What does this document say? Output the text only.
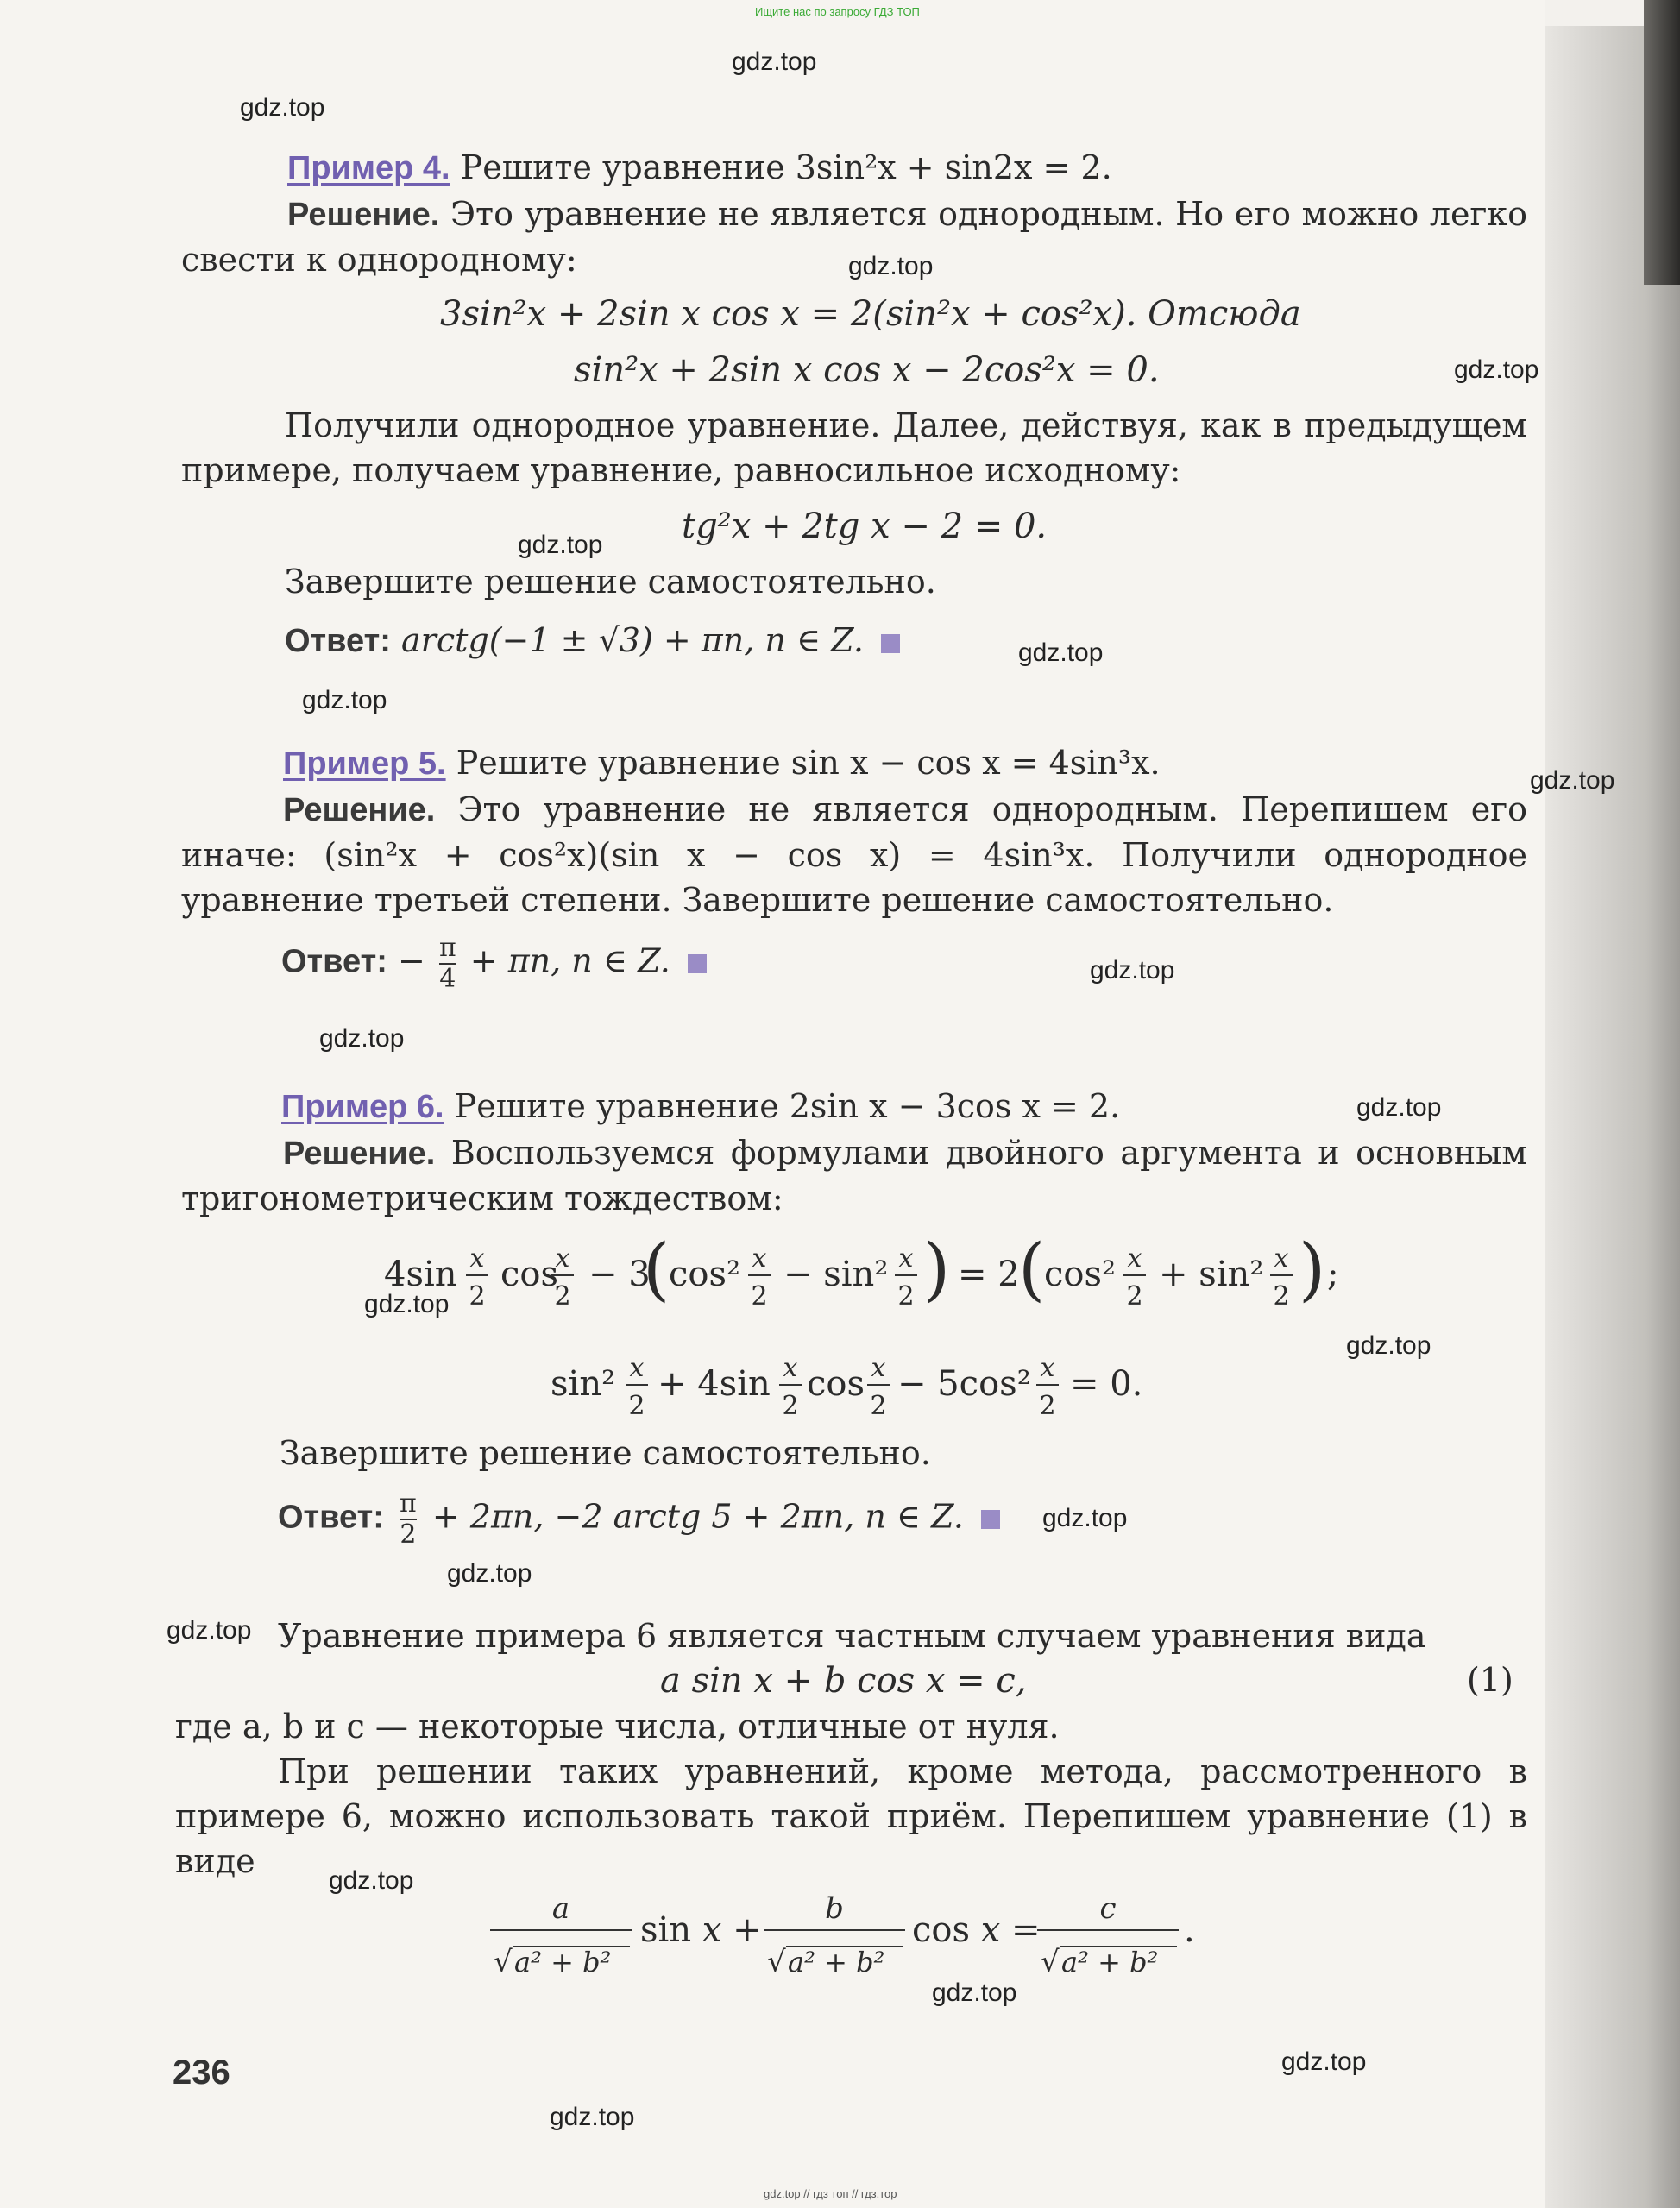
Ищите нас по запросу ГДЗ ТОП
gdz.top
gdz.top
gdz.top
gdz.top
gdz.top
gdz.top
gdz.top
gdz.top
gdz.top
gdz.top
gdz.top
gdz.top
gdz.top
gdz.top
gdz.top
gdz.top
gdz.top
gdz.top
gdz.top
gdz.top
Пример 4. Решите уравнение 3sin²x + sin2x = 2.
Решение. Это уравнение не является однородным. Но его можно легко свести к однородному:
3sin²x + 2sin x cos x = 2(sin²x + cos²x). Отсюда
sin²x + 2sin x cos x − 2cos²x = 0.
Получили однородное уравнение. Далее, действуя, как в предыдущем примере, получаем уравнение, равносильное исходному:
tg²x + 2tg x − 2 = 0.
Завершите решение самостоятельно.
Ответ: arctg(−1 ± √3) + πn, n ∈ Z.
Пример 5. Решите уравнение sin x − cos x = 4sin³x.
Решение. Это уравнение не является однородным. Перепишем его иначе: (sin²x + cos²x)(sin x − cos x) = 4sin³x. Получили однородное уравнение третьей степени. Завершите решение самостоятельно.
Ответ: − $\frac{\pi}{4} + \pi n$, n ∈ Z.
Пример 6. Решите уравнение 2sin x − 3cos x = 2.
Решение. Воспользуемся формулами двойного аргумента и основным тригонометрическим тождеством:
4sin x
2
cos
x
2
− 3
(
cos² x
2
− sin² x
2 ) = 2
(
cos² x
2
+ sin² x
2 ) ;
sin² x
2
+ 4sin x
2
cos x
2
− 5cos² x
2
= 0.
Завершите решение самостоятельно.
Ответ: $\frac{\pi}{2} + 2\pi n$, −2 arctg 5 + 2πn, n ∈ Z.
Уравнение примера 6 является частным случаем уравнения вида
a sin x + b cos x = c,	(1)
где a, b и c — некоторые числа, отличные от нуля.
При решении таких уравнений, кроме метода, рассмотренного в примере 6, можно использовать такой приём. Перепишем уравнение (1) в виде
a
√ a² + b²
sin x +
b
√ a² + b²
cos x =
c
√ a² + b²
.
236
gdz.top // гдз топ // гдз.тор
